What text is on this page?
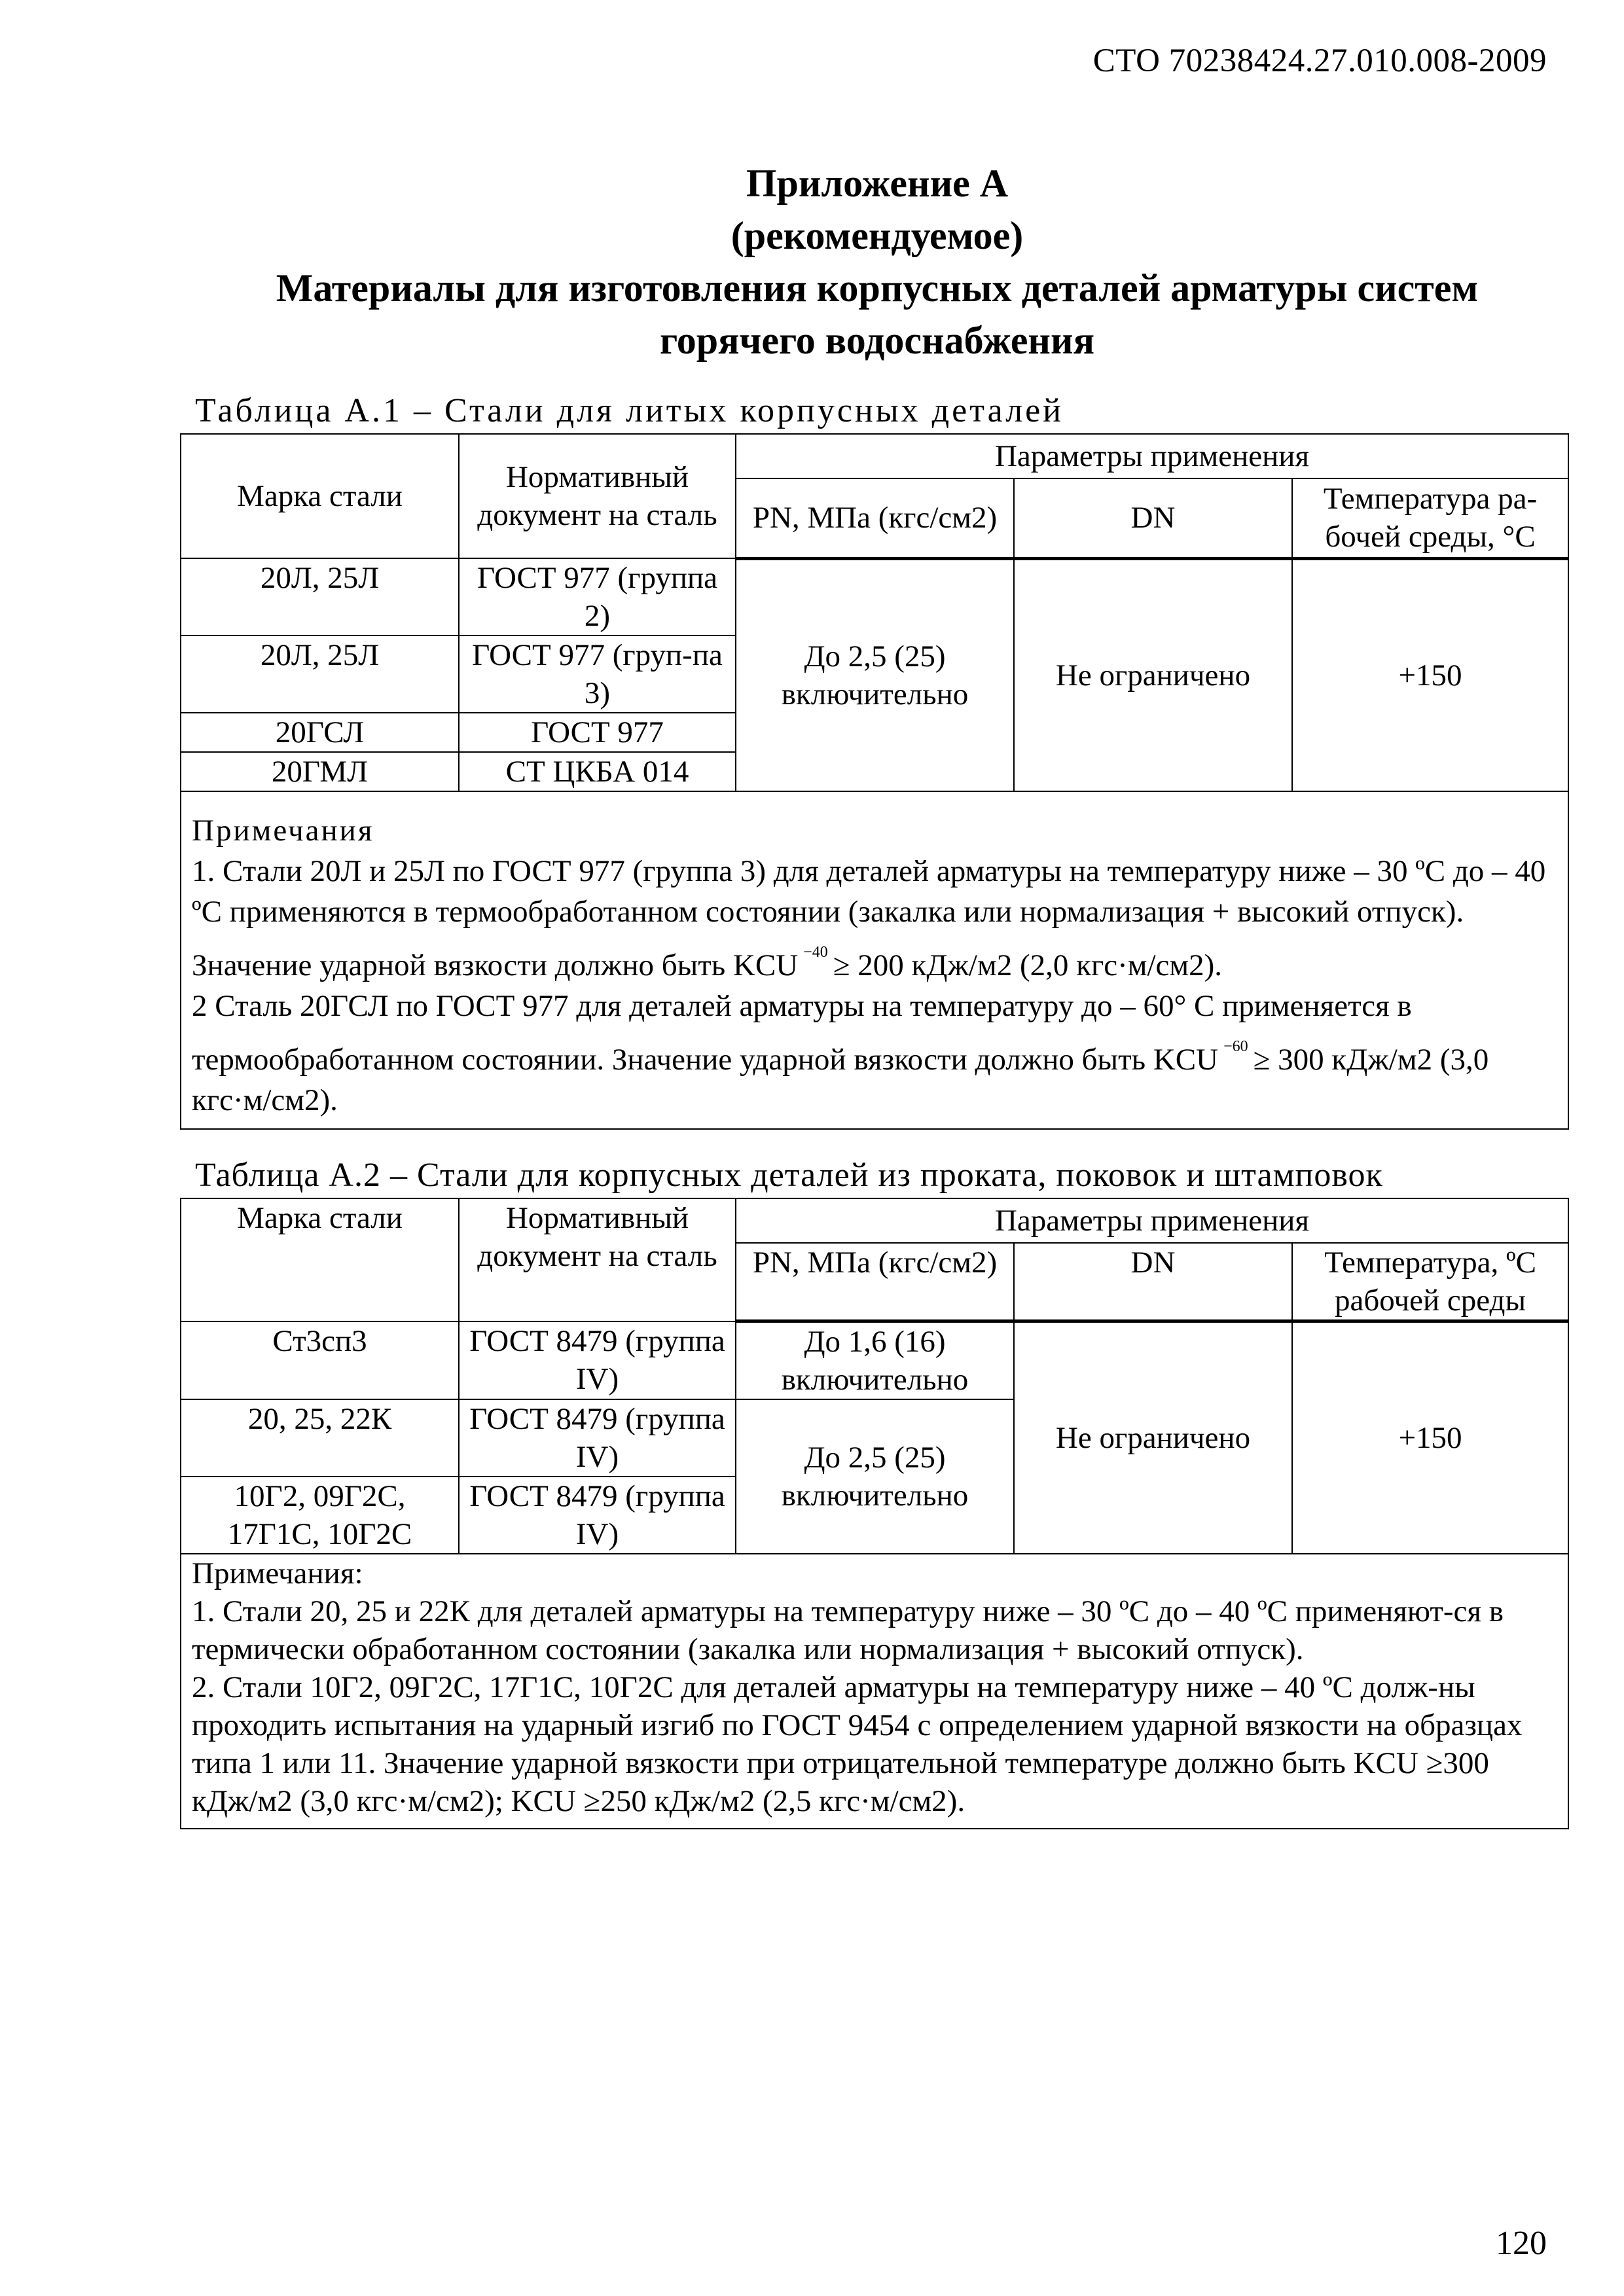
СТО 70238424.27.010.008-2009
Приложение А
(рекомендуемое)
Материалы для изготовления корпусных деталей арматуры систем
горячего водоснабжения
Таблица А.1 – Стали для литых корпусных деталей
Марка стали	Нормативный документ на сталь	Параметры применения		
		PN, МПа (кгс/см2)	DN	Температура ра-бочей среды, °С
20Л, 25Л	ГОСТ 977 (группа 2)	До 2,5 (25) включительно	Не ограничено	+150
20Л, 25Л	ГОСТ 977 (груп-па 3)			
20ГСЛ	ГОСТ 977			
20ГМЛ	СТ ЦКБА 014			

Примечания
1. Стали 20Л и 25Л по ГОСТ 977 (группа 3) для деталей арматуры на температуру ниже – 30 ºС до – 40 ºС применяются в термообработанном состоянии (закалка или нормализация + высокий отпуск). Значение ударной вязкости должно быть KCU $^{-40}$ ≥ 200 кДж/м2 (2,0 кгс·м/см2).
2 Сталь 20ГСЛ по ГОСТ 977 для деталей арматуры на температуру до – 60° С применяется в термообработанном состоянии. Значение ударной вязкости должно быть KCU $^{-60}$ ≥ 300 кДж/м2 (3,0 кгс·м/см2).				
Таблица А.2 – Стали для корпусных деталей из проката, поковок и штамповок
Марка стали	Нормативный документ на сталь	Параметры применения		
		PN, МПа (кгс/см2)	DN	Температура, ºС рабочей среды
Ст3сп3	ГОСТ 8479 (группа IV)	До 1,6 (16) включительно	Не ограничено	+150
20, 25, 22К	ГОСТ 8479 (группа IV)	До 2,5 (25) включительно		
10Г2, 09Г2С, 17Г1С, 10Г2С	ГОСТ 8479 (группа IV)			

Примечания:
1. Стали 20, 25 и 22К для деталей арматуры на температуру ниже – 30 ºС до – 40 ºС применяют-ся в термически обработанном состоянии (закалка или нормализация + высокий отпуск).
2. Стали 10Г2, 09Г2С, 17Г1С, 10Г2С для деталей арматуры на температуру ниже – 40 ºС долж-ны проходить испытания на ударный изгиб по ГОСТ 9454 с определением ударной вязкости на образцах типа 1 или 11. Значение ударной вязкости при отрицательной температуре должно быть KCU ≥300 кДж/м2 (3,0 кгс·м/см2); KCU ≥250 кДж/м2 (2,5 кгс·м/см2).				
120
